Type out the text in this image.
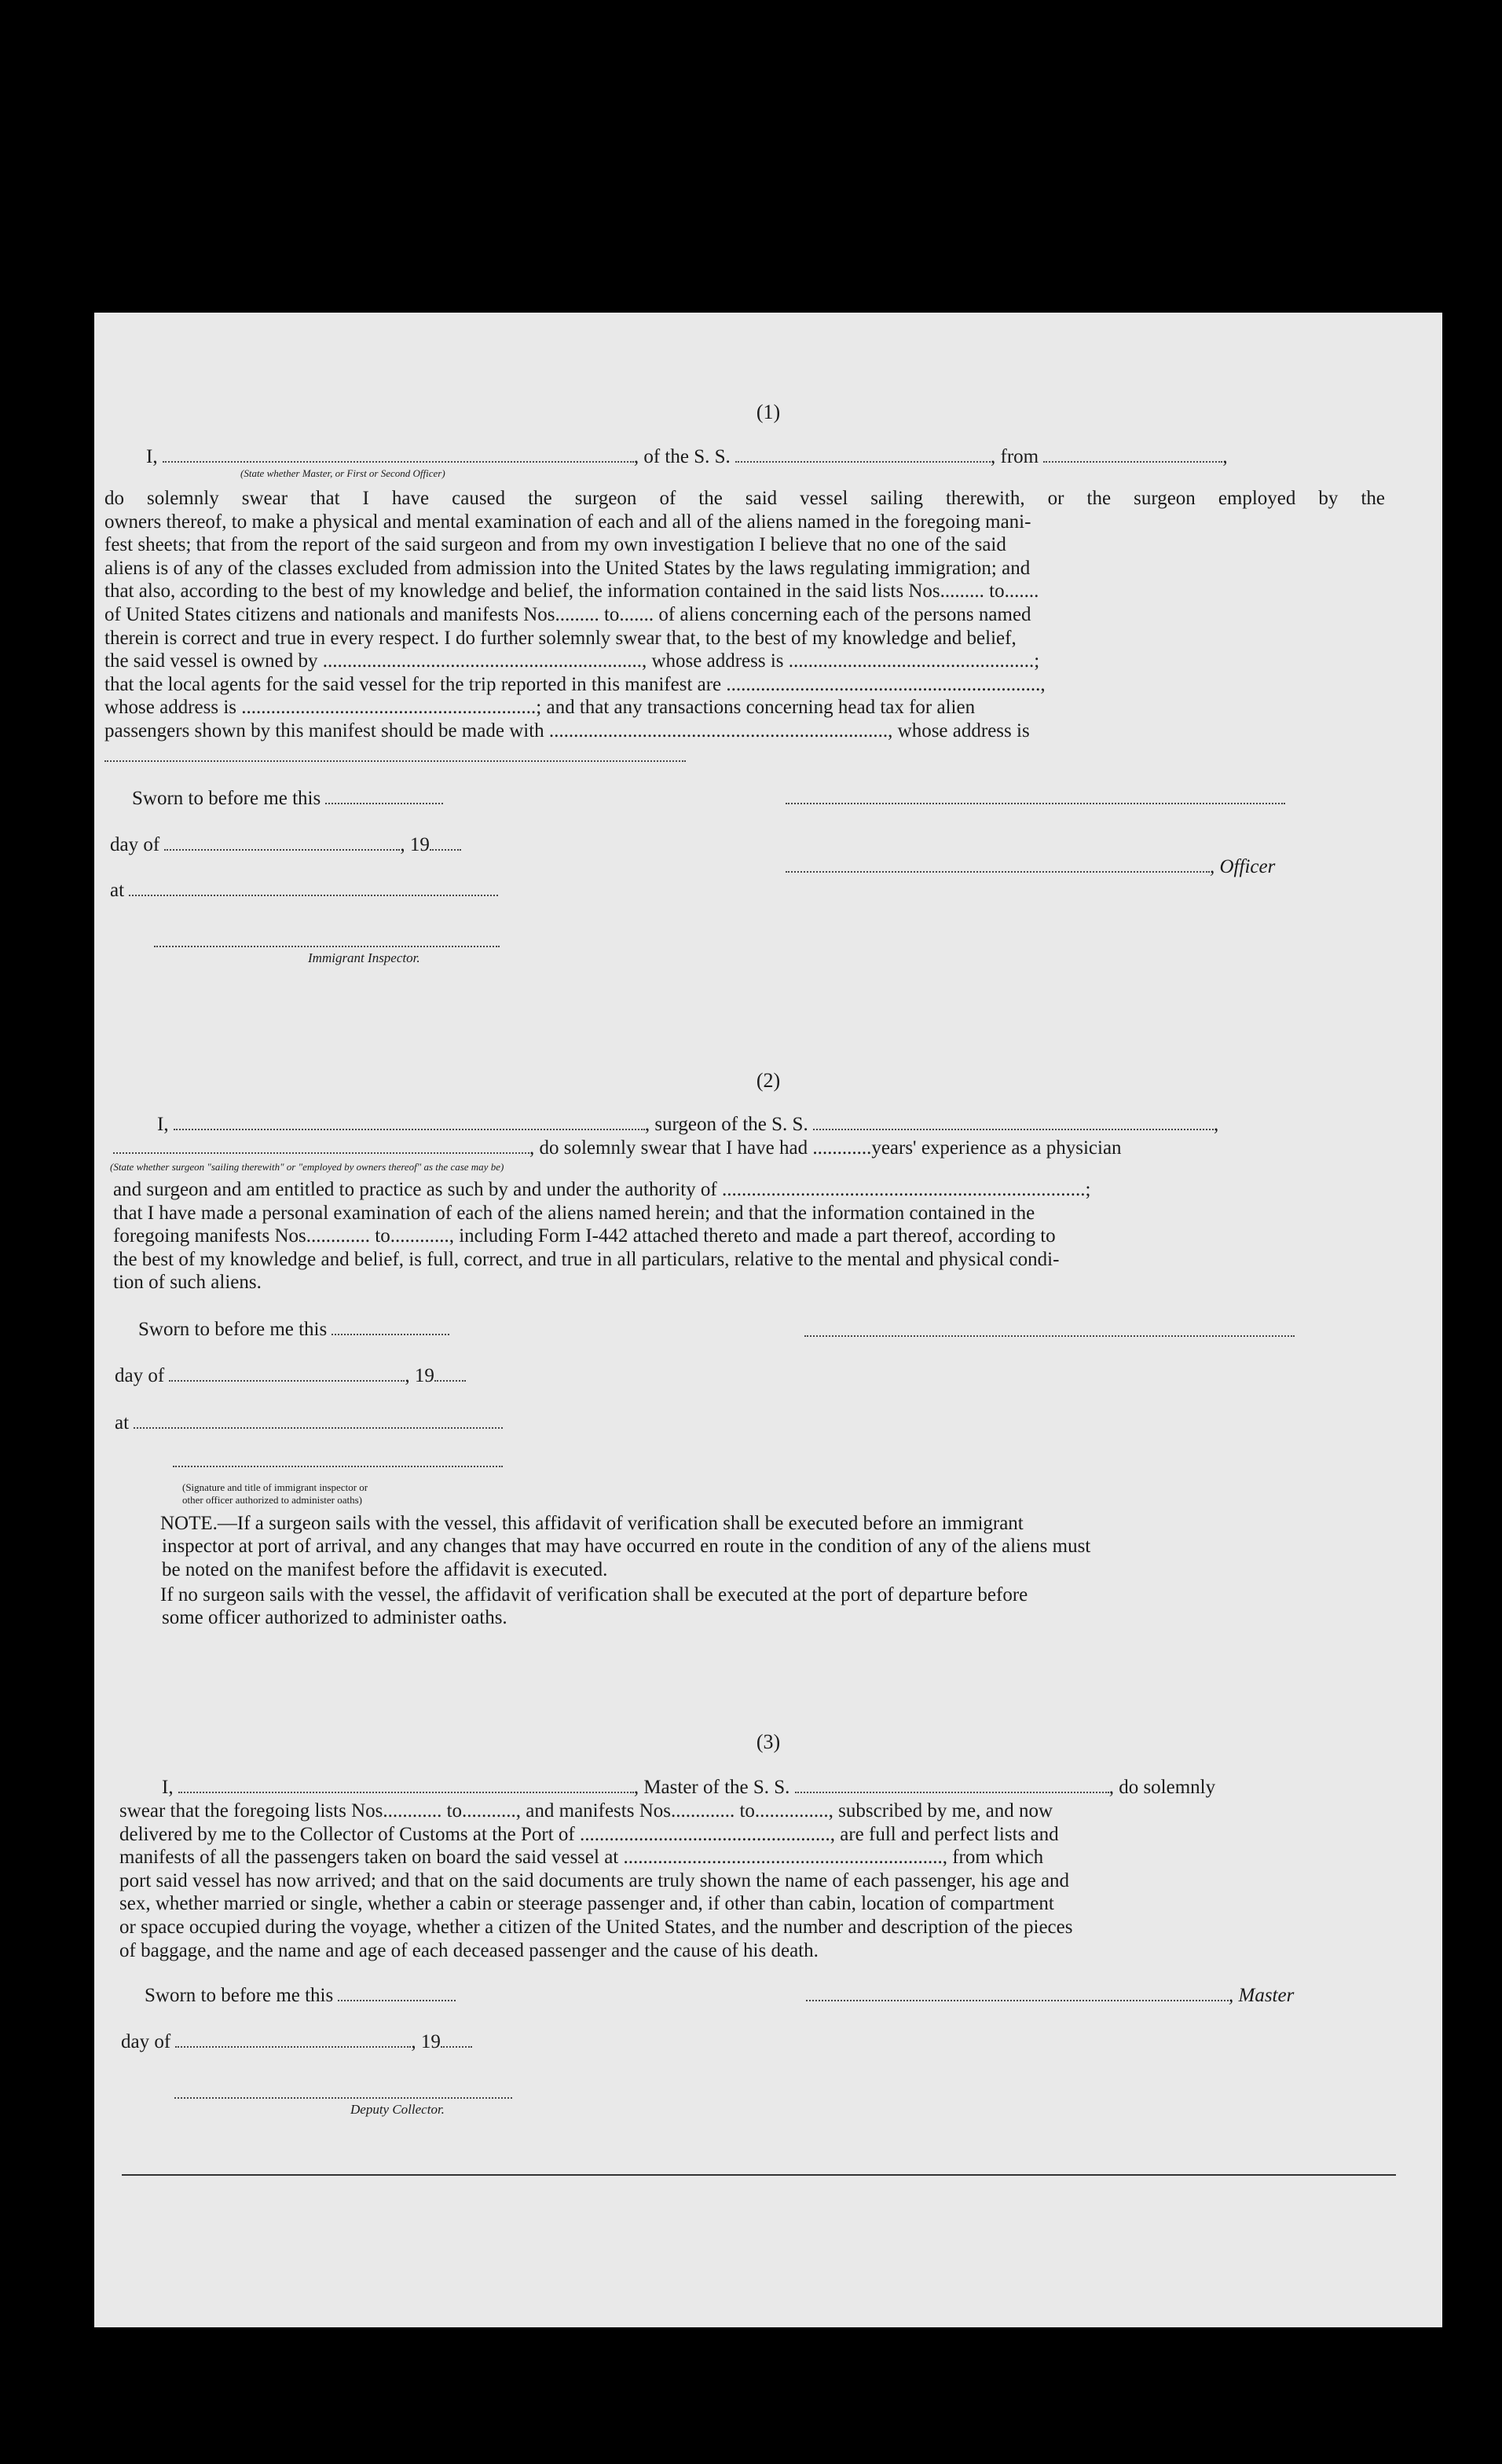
(1)
I,	, of the S. S.	, from	,
(State whether Master, or First or Second Officer)
do solemnly swear that I have caused the surgeon of the said vessel sailing therewith, or the surgeon employed by the
owners thereof, to make a physical and mental examination of each and all of the aliens named in the foregoing mani-
fest sheets; that from the report of the said surgeon and from my own investigation I believe that no one of the said
aliens is of any of the classes excluded from admission into the United States by the laws regulating immigration; and
that also, according to the best of my knowledge and belief, the information contained in the said lists Nos......... to.......
of United States citizens and nationals and manifests Nos......... to....... of aliens concerning each of the persons named
therein is correct and true in every respect. I do further solemnly swear that, to the best of my knowledge and belief,
the said vessel is owned by ................................................................., whose address is ..................................................;
that the local agents for the said vessel for the trip reported in this manifest are ................................................................,
whose address is ............................................................; and that any transactions concerning head tax for alien
passengers shown by this manifest should be made with ....................................................................., whose address is
Sworn to before me this
day of	, 19
, Officer
at
Immigrant Inspector.
(2)
I,	, surgeon of the S. S.	,
, do solemnly swear that I have had ............years' experience as a physician
(State whether surgeon "sailing therewith" or "employed by owners thereof" as the case may be)
and surgeon and am entitled to practice as such by and under the authority of ..........................................................................;
that I have made a personal examination of each of the aliens named herein; and that the information contained in the
foregoing manifests Nos............. to............, including Form I-442 attached thereto and made a part thereof, according to
the best of my knowledge and belief, is full, correct, and true in all particulars, relative to the mental and physical condi-
tion of such aliens.
Sworn to before me this
day of	, 19
at
(Signature and title of immigrant inspector or
other officer authorized to administer oaths)
NOTE.—If a surgeon sails with the vessel, this affidavit of verification shall be executed before an immigrant
inspector at port of arrival, and any changes that may have occurred en route in the condition of any of the aliens must
be noted on the manifest before the affidavit is executed.
If no surgeon sails with the vessel, the affidavit of verification shall be executed at the port of departure before
some officer authorized to administer oaths.
(3)
I,	, Master of the S. S.	, do solemnly
swear that the foregoing lists Nos............ to..........., and manifests Nos............. to..............., subscribed by me, and now
delivered by me to the Collector of Customs at the Port of ..................................................., are full and perfect lists and
manifests of all the passengers taken on board the said vessel at ................................................................., from which
port said vessel has now arrived; and that on the said documents are truly shown the name of each passenger, his age and
sex, whether married or single, whether a cabin or steerage passenger and, if other than cabin, location of compartment
or space occupied during the voyage, whether a citizen of the United States, and the number and description of the pieces
of baggage, and the name and age of each deceased passenger and the cause of his death.
Sworn to before me this	, Master
day of	, 19
Deputy Collector.
